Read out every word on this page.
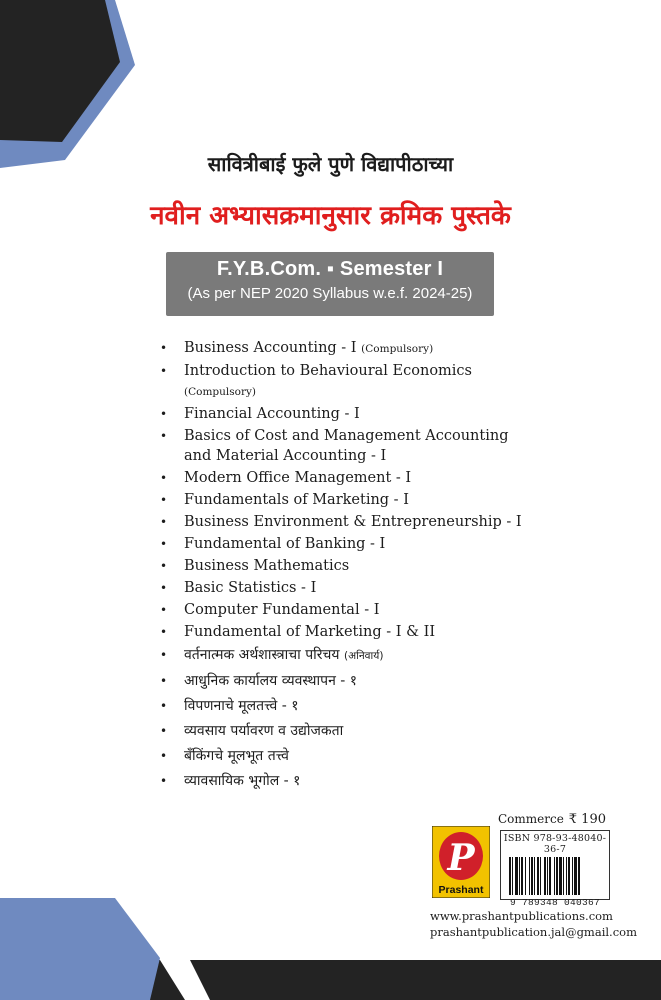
सावित्रीबाई फुले पुणे विद्यापीठाच्या
नवीन अभ्यासक्रमानुसार क्रमिक पुस्तके
F.Y.B.Com. ▪ Semester I
(As per NEP 2020 Syllabus w.e.f. 2024-25)
• Business Accounting - I (Compulsory)
• Introduction to Behavioural Economics (Compulsory)
• Financial Accounting - I
• Basics of Cost and Management Accounting
and Material Accounting - I
• Modern Office Management - I
• Fundamentals of Marketing - I
• Business Environment & Entrepreneurship - I
• Fundamental of Banking - I
• Business Mathematics
• Basic Statistics - I
• Computer Fundamental - I
• Fundamental of Marketing - I & II
• वर्तनात्मक अर्थशास्त्राचा परिचय (अनिवार्य)
• आधुनिक कार्यालय व्यवस्थापन - १
• विपणनाचे मूलतत्त्वे - १
• व्यवसाय पर्यावरण व उद्योजकता
• बँकिंगचे मूलभूत तत्त्वे
• व्यावसायिक भूगोल - १
Commerce ₹ 190
P
Prashant
ISBN 978-93-48040-36-7
9 789348 040367
www.prashantpublications.com
prashantpublication.jal@gmail.com
